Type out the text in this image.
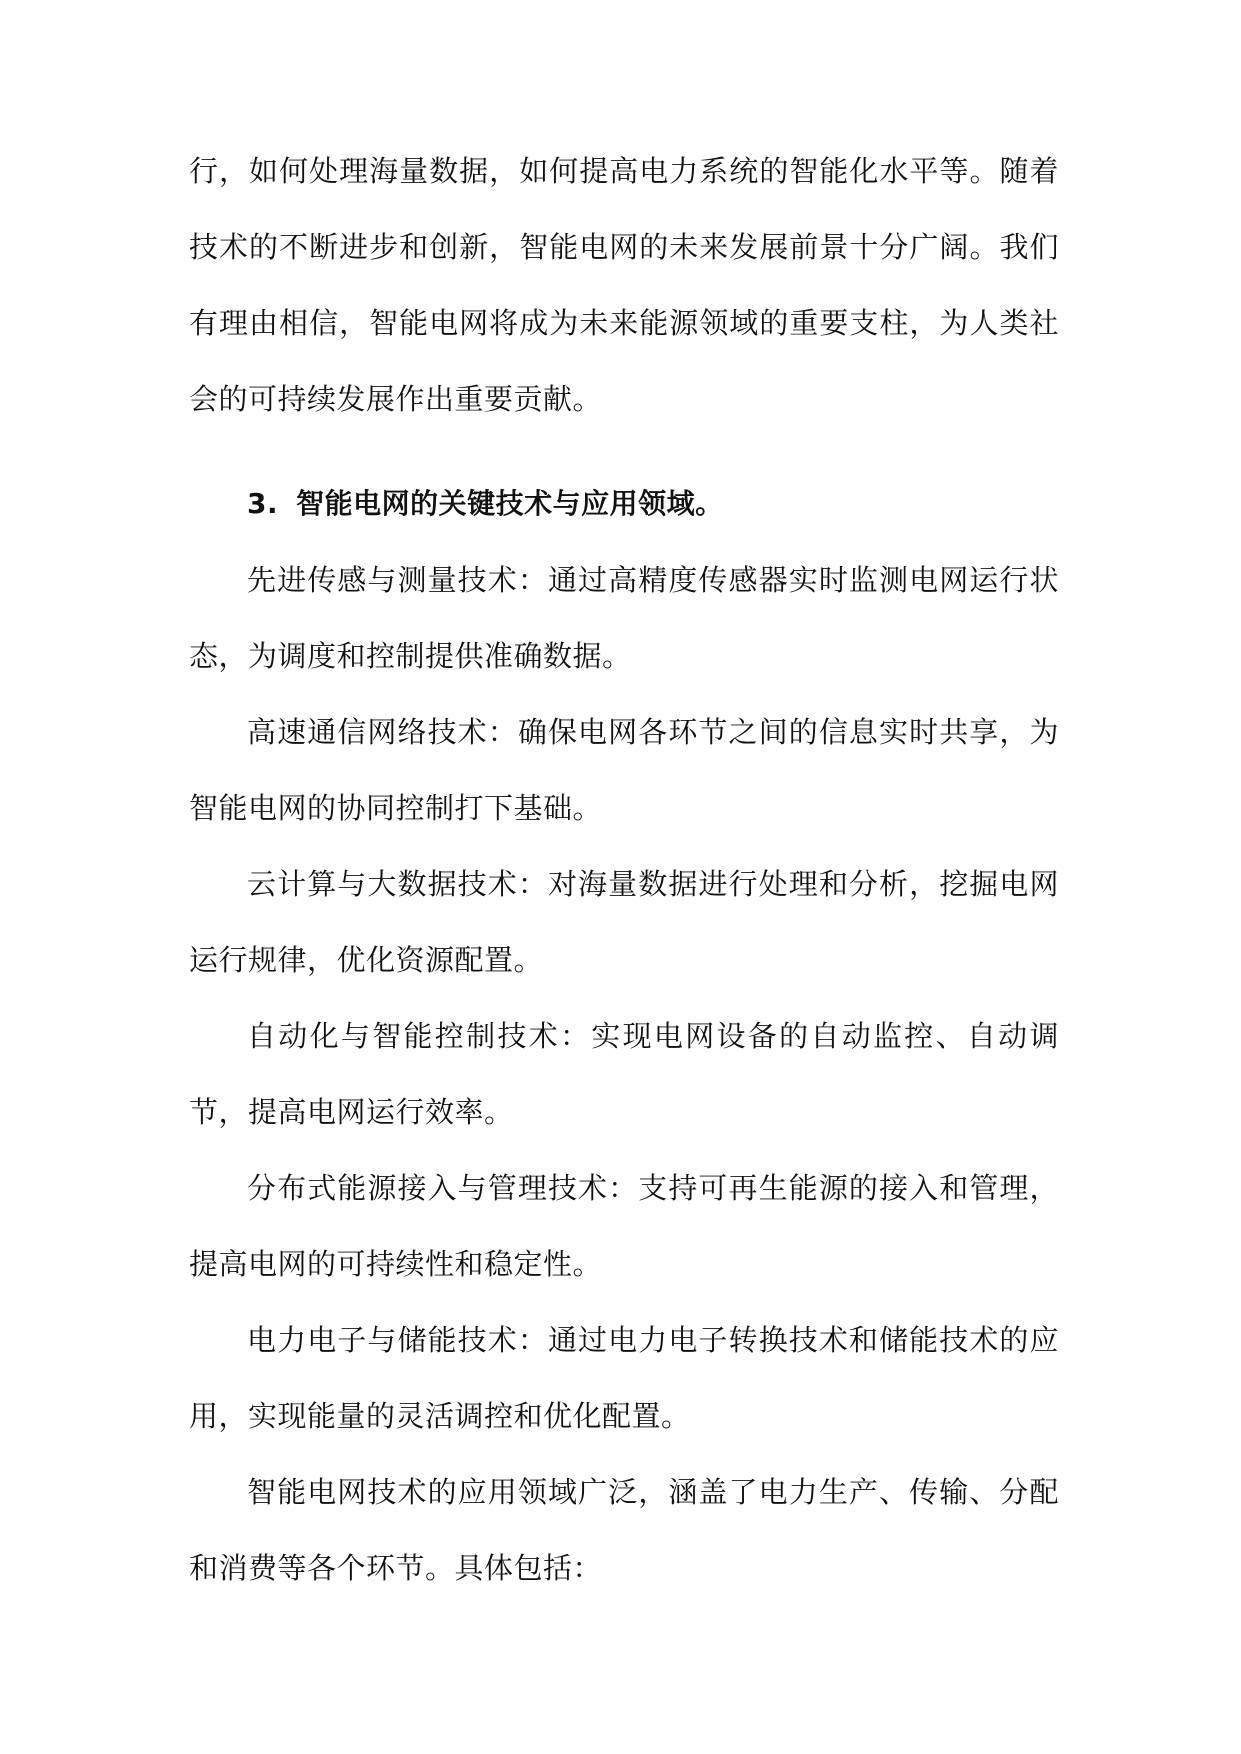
行，如何处理海量数据，如何提高电力系统的智能化水平等。随着技术的不断进步和创新，智能电网的未来发展前景十分广阔。我们有理由相信，智能电网将成为未来能源领域的重要支柱，为人类社会的可持续发展作出重要贡献。

3. 智能电网的关键技术与应用领域。

先进传感与测量技术：通过高精度传感器实时监测电网运行状态，为调度和控制提供准确数据。

高速通信网络技术：确保电网各环节之间的信息实时共享，为智能电网的协同控制打下基础。

云计算与大数据技术：对海量数据进行处理和分析，挖掘电网运行规律，优化资源配置。

自动化与智能控制技术：实现电网设备的自动监控、自动调节，提高电网运行效率。

分布式能源接入与管理技术：支持可再生能源的接入和管理，提高电网的可持续性和稳定性。

电力电子与储能技术：通过电力电子转换技术和储能技术的应用，实现能量的灵活调控和优化配置。

智能电网技术的应用领域广泛，涵盖了电力生产、传输、分配和消费等各个环节。具体包括：
